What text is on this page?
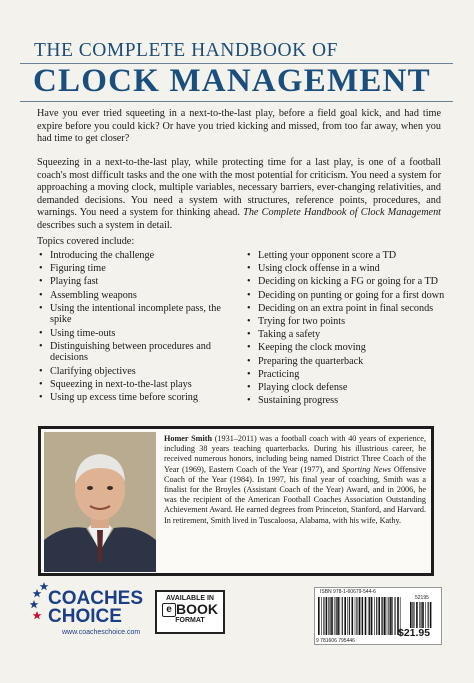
THE COMPLETE HANDBOOK OF
CLOCK MANAGEMENT
Have you ever tried squeeting in a next-to-the-last play, before a field goal kick, and had time expire before you could kick? Or have you tried kicking and missed, from too far away, when you had time to get closer?
Squeezing in a next-to-the-last play, while protecting time for a last play, is one of a football coach's most difficult tasks and the one with the most potential for criticism. You need a system for approaching a moving clock, multiple variables, necessary barriers, ever-changing relativities, and demanded decisions. You need a system with structures, reference points, procedures, and warnings. You need a system for thinking ahead. The Complete Handbook of Clock Management describes such a system in detail.
Topics covered include:
• Introducing the challenge
• Figuring time
• Playing fast
• Assembling weapons
• Using the intentional incomplete pass, the spike
• Using time-outs
• Distinguishing between procedures and decisions
• Clarifying objectives
• Squeezing in next-to-the-last plays
• Using up excess time before scoring
• Letting your opponent score a TD
• Using clock offense in a wind
• Deciding on kicking a FG or going for a TD
• Deciding on punting or going for a first down
• Deciding on an extra point in final seconds
• Trying for two points
• Taking a safety
• Keeping the clock moving
• Preparing the quarterback
• Practicing
• Playing clock defense
• Sustaining progress
Homer Smith (1931–2011) was a football coach with 40 years of experience, including 38 years teaching quarterbacks. During his illustrious career, he received numerous honors, including being named District Three Coach of the Year (1969), Eastern Coach of the Year (1977), and Sporting News Offensive Coach of the Year (1984). In 1997, his final year of coaching, Smith was a finalist for the Broyles (Assistant Coach of the Year) Award, and in 2006, he was the recipient of the American Football Coaches Association Outstanding Achievement Award. He earned degrees from Princeton, Stanford, and Harvard. In retirement, Smith lived in Tuscaloosa, Alabama, with his wife, Kathy.
COACHES
CHOICE
www.coacheschoice.com
AVAILABLE IN
e BOOK
FORMAT
ISBN 978-1-60679-544-6
52195
9 781606 795446
$21.95
